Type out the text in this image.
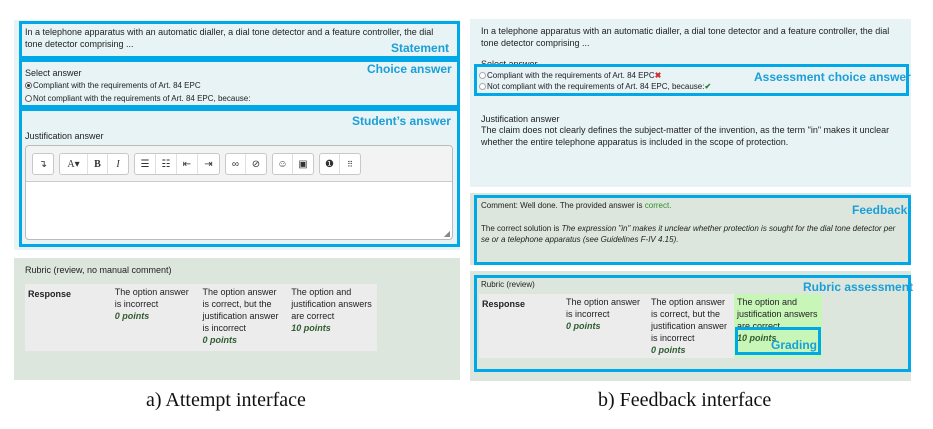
In a telephone apparatus with an automatic dialler, a dial tone detector and a feature controller, the dial tone detector comprising ...
Select answer
Compliant with the requirements of Art. 84 EPC
Not compliant with the requirements of Art. 84 EPC, because:
Justification answer
↴	A▾	B	I	☰	☷	⇤	⇥	∞	⊘	☺	▣	❶	⠿
◢
Statement
Choice answer
Student’s answer
Rubric (review, no manual comment)
Response	The option answer is incorrect
0 points

The option answer is correct, but the justification answer is incorrect
0 points

The option and justification answers are correct
10 points
a) Attempt interface
In a telephone apparatus with an automatic dialler, a dial tone detector and a feature controller, the dial tone detector comprising ...
Select answer
Compliant with the requirements of Art. 84 EPC✖
Not compliant with the requirements of Art. 84 EPC, because:✔
Justification answer
The claim does not clearly defines the subject-matter of the invention, as the term "in" makes it unclear whether the entire telephone apparatus is included in the scope of protection.
Comment: Well done. The provided answer is correct.
The correct solution is The expression "in" makes it unclear whether protection is sought for the dial tone detector per se or a telephone apparatus (see Guidelines F-IV 4.15).
Rubric (review)
Response	The option answer is incorrect
0 points

The option answer is correct, but the justification answer is incorrect
0 points

The option and justification answers are correct
10 points
Assessment choice answer
Feedback
Rubric assessment
Grading
b) Feedback interface
